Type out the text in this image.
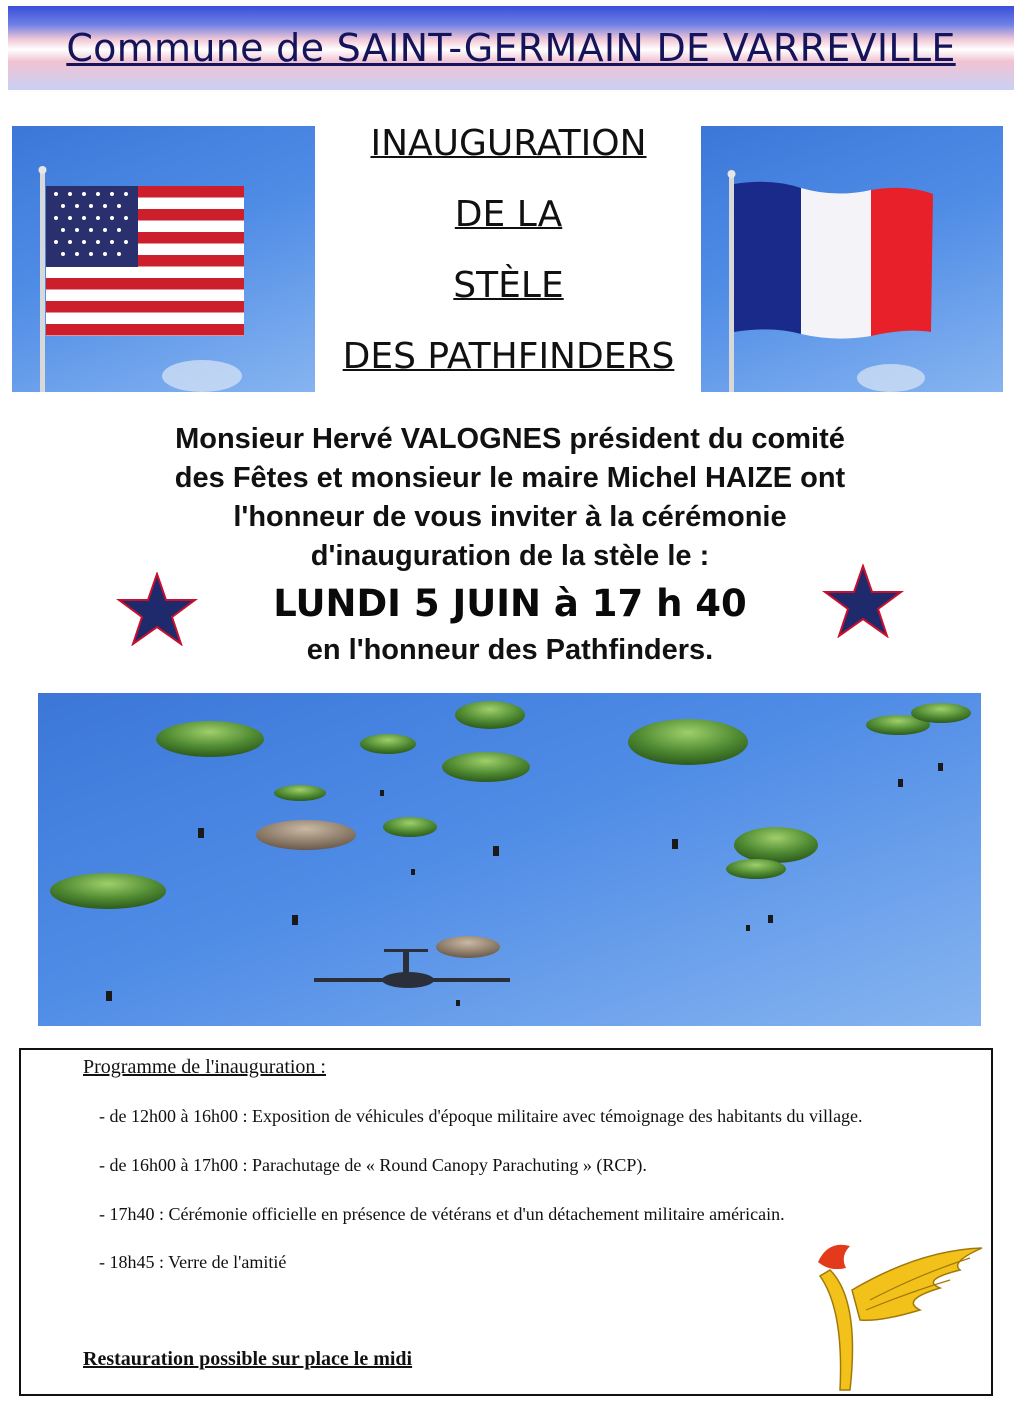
Commune de SAINT-GERMAIN DE VARREVILLE
INAUGURATION
DE LA
STÈLE
DES PATHFINDERS
Monsieur Hervé VALOGNES président du comité
des Fêtes et monsieur le maire Michel HAIZE ont
l'honneur de vous inviter à la cérémonie
d'inauguration de la stèle le :
LUNDI 5 JUIN à 17 h 40
en l'honneur des Pathfinders.
Programme de l'inauguration :
- de 12h00 à 16h00 : Exposition de véhicules d'époque militaire avec témoignage des habitants du village.
- de 16h00 à 17h00 : Parachutage de « Round Canopy Parachuting » (RCP).
- 17h40 : Cérémonie officielle en présence de vétérans et d'un détachement militaire américain.
- 18h45 : Verre de l'amitié
Restauration possible sur place le midi
